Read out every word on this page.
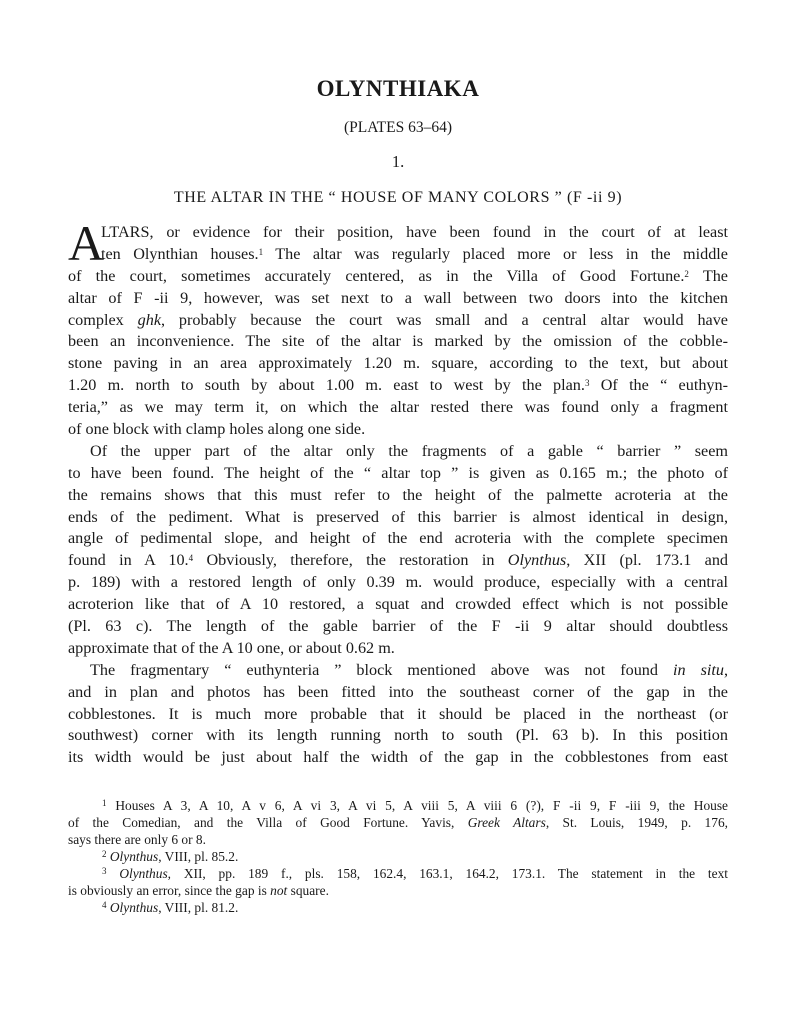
OLYNTHIAKA
(PLATES 63–64)
1.
THE ALTAR IN THE “ HOUSE OF MANY COLORS ” (F -ii 9)
A
LTARS, or evidence for their position, have been found in the court of at least
ten Olynthian houses.$^1$ The altar was regularly placed more or less in the middle
of the court, sometimes accurately centered, as in the Villa of Good Fortune.$^2$ The
altar of F -ii 9, however, was set next to a wall between two doors into the kitchen
complex ghk, probably because the court was small and a central altar would have
been an inconvenience. The site of the altar is marked by the omission of the cobble-
stone paving in an area approximately 1.20 m. square, according to the text, but about
1.20 m. north to south by about 1.00 m. east to west by the plan.$^3$ Of the “ euthyn-
teria,” as we may term it, on which the altar rested there was found only a fragment
of one block with clamp holes along one side.
Of the upper part of the altar only the fragments of a gable “ barrier ” seem
to have been found. The height of the “ altar top ” is given as 0.165 m.; the photo of
the remains shows that this must refer to the height of the palmette acroteria at the
ends of the pediment. What is preserved of this barrier is almost identical in design,
angle of pedimental slope, and height of the end acroteria with the complete specimen
found in A 10.$^4$ Obviously, therefore, the restoration in Olynthus, XII (pl. 173.1 and
p. 189) with a restored length of only 0.39 m. would produce, especially with a central
acroterion like that of A 10 restored, a squat and crowded effect which is not possible
(Pl. 63 c). The length of the gable barrier of the F -ii 9 altar should doubtless
approximate that of the A 10 one, or about 0.62 m.
The fragmentary “ euthynteria ” block mentioned above was not found in situ,
and in plan and photos has been fitted into the southeast corner of the gap in the
cobblestones. It is much more probable that it should be placed in the northeast (or
southwest) corner with its length running north to south (Pl. 63 b). In this position
its width would be just about half the width of the gap in the cobblestones from east
$^1$ Houses A 3, A 10, A v 6, A vi 3, A vi 5, A viii 5, A viii 6 (?), F -ii 9, F -iii 9, the House
of the Comedian, and the Villa of Good Fortune. Yavis, Greek Altars, St. Louis, 1949, p. 176,
says there are only 6 or 8.
$^2$ Olynthus, VIII, pl. 85.2.
$^3$ Olynthus, XII, pp. 189 f., pls. 158, 162.4, 163.1, 164.2, 173.1. The statement in the text
is obviously an error, since the gap is not square.
$^4$ Olynthus, VIII, pl. 81.2.
